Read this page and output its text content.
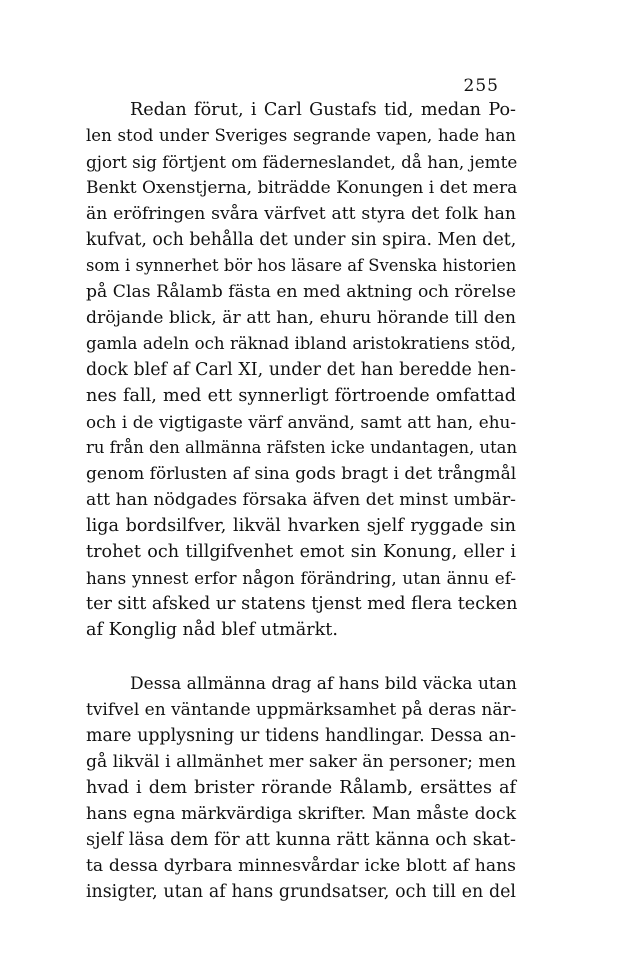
255
Redan förut, i Carl Gustafs tid, medan Po-
len stod under Sveriges segrande vapen, hade han
gjort sig förtjent om fäderneslandet, då han, jemte
Benkt Oxenstjerna, biträdde Konungen i det mera
än eröfringen svåra värfvet att styra det folk han
kufvat, och behålla det under sin spira. Men det,
som i synnerhet bör hos läsare af Svenska historien
på Clas Rålamb fästa en med aktning och rörelse
dröjande blick, är att han, ehuru hörande till den
gamla adeln och räknad ibland aristokratiens stöd,
dock blef af Carl XI, under det han beredde hen-
nes fall, med ett synnerligt förtroende omfattad
och i de vigtigaste värf använd, samt att han, ehu-
ru från den allmänna räfsten icke undantagen, utan
genom förlusten af sina gods bragt i det trångmål
att han nödgades försaka äfven det minst umbär-
liga bordsilfver, likväl hvarken sjelf ryggade sin
trohet och tillgifvenhet emot sin Konung, eller i
hans ynnest erfor någon förändring, utan ännu ef-
ter sitt afsked ur statens tjenst med flera tecken
af Konglig nåd blef utmärkt.
Dessa allmänna drag af hans bild väcka utan
tvifvel en väntande uppmärksamhet på deras när-
mare upplysning ur tidens handlingar. Dessa an-
gå likväl i allmänhet mer saker än personer; men
hvad i dem brister rörande Rålamb, ersättes af
hans egna märkvärdiga skrifter. Man måste dock
sjelf läsa dem för att kunna rätt känna och skat-
ta dessa dyrbara minnesvårdar icke blott af hans
insigter, utan af hans grundsatser, och till en del
